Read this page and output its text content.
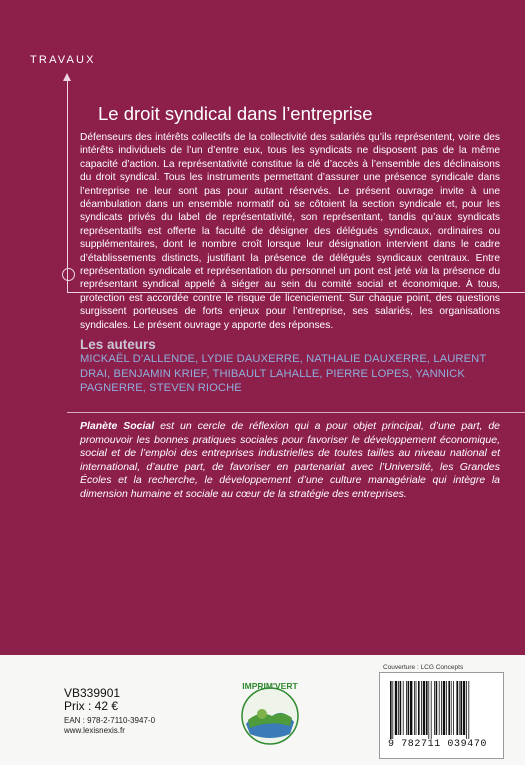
TRAVAUX
Le droit syndical dans l’entreprise

Défenseurs des intérêts collectifs de la collectivité des salariés qu’ils représentent, voire des intérêts individuels de l’un d’entre eux, tous les syndicats ne disposent pas de la même capacité d’action. La représentativité constitue la clé d’accès à l’ensemble des déclinaisons du droit syndical. Tous les instruments permettant d’assurer une présence syndicale dans l’entreprise ne leur sont pas pour autant réservés. Le présent ouvrage invite à une déambulation dans un ensemble normatif où se côtoient la section syndicale et, pour les syndicats privés du label de représentativité, son représentant, tandis qu’aux syndicats représentatifs est offerte la faculté de désigner des délégués syndicaux, ordinaires ou supplémentaires, dont le nombre croît lorsque leur désignation intervient dans le cadre d’établissements distincts, justifiant la présence de délégués syndicaux centraux. Entre représentation syndicale et représentation du personnel un pont est jeté via la présence du représentant syndical appelé à siéger au sein du comité social et économique. À tous, protection est accordée contre le risque de licenciement. Sur chaque point, des questions surgissent porteuses de forts enjeux pour l’entreprise, ses salariés, les organisations syndicales. Le présent ouvrage y apporte des réponses.

Les auteurs

MICKAËL D’ALLENDE, LYDIE DAUXERRE, NATHALIE DAUXERRE, LAURENT DRAI, BENJAMIN KRIEF, THIBAULT LAHALLE, PIERRE LOPES, YANNICK PAGNERRE, STEVEN RIOCHE

Planète Social est un cercle de réflexion qui a pour objet principal, d’une part, de promouvoir les bonnes pratiques sociales pour favoriser le développement économique, social et de l’emploi des entreprises industrielles de toutes tailles au niveau national et international, d’autre part, de favoriser en partenariat avec l’Université, les Grandes Écoles et la recherche, le développement d’une culture managériale qui intègre la dimension humaine et sociale au cœur de la stratégie des entreprises.

VB339901

Prix : 42 €

EAN : 978-2-7110-3947-0

www.lexisnexis.fr

IMPRIM'VERT

Couverture : LCG Concepts

9 782711 039470
